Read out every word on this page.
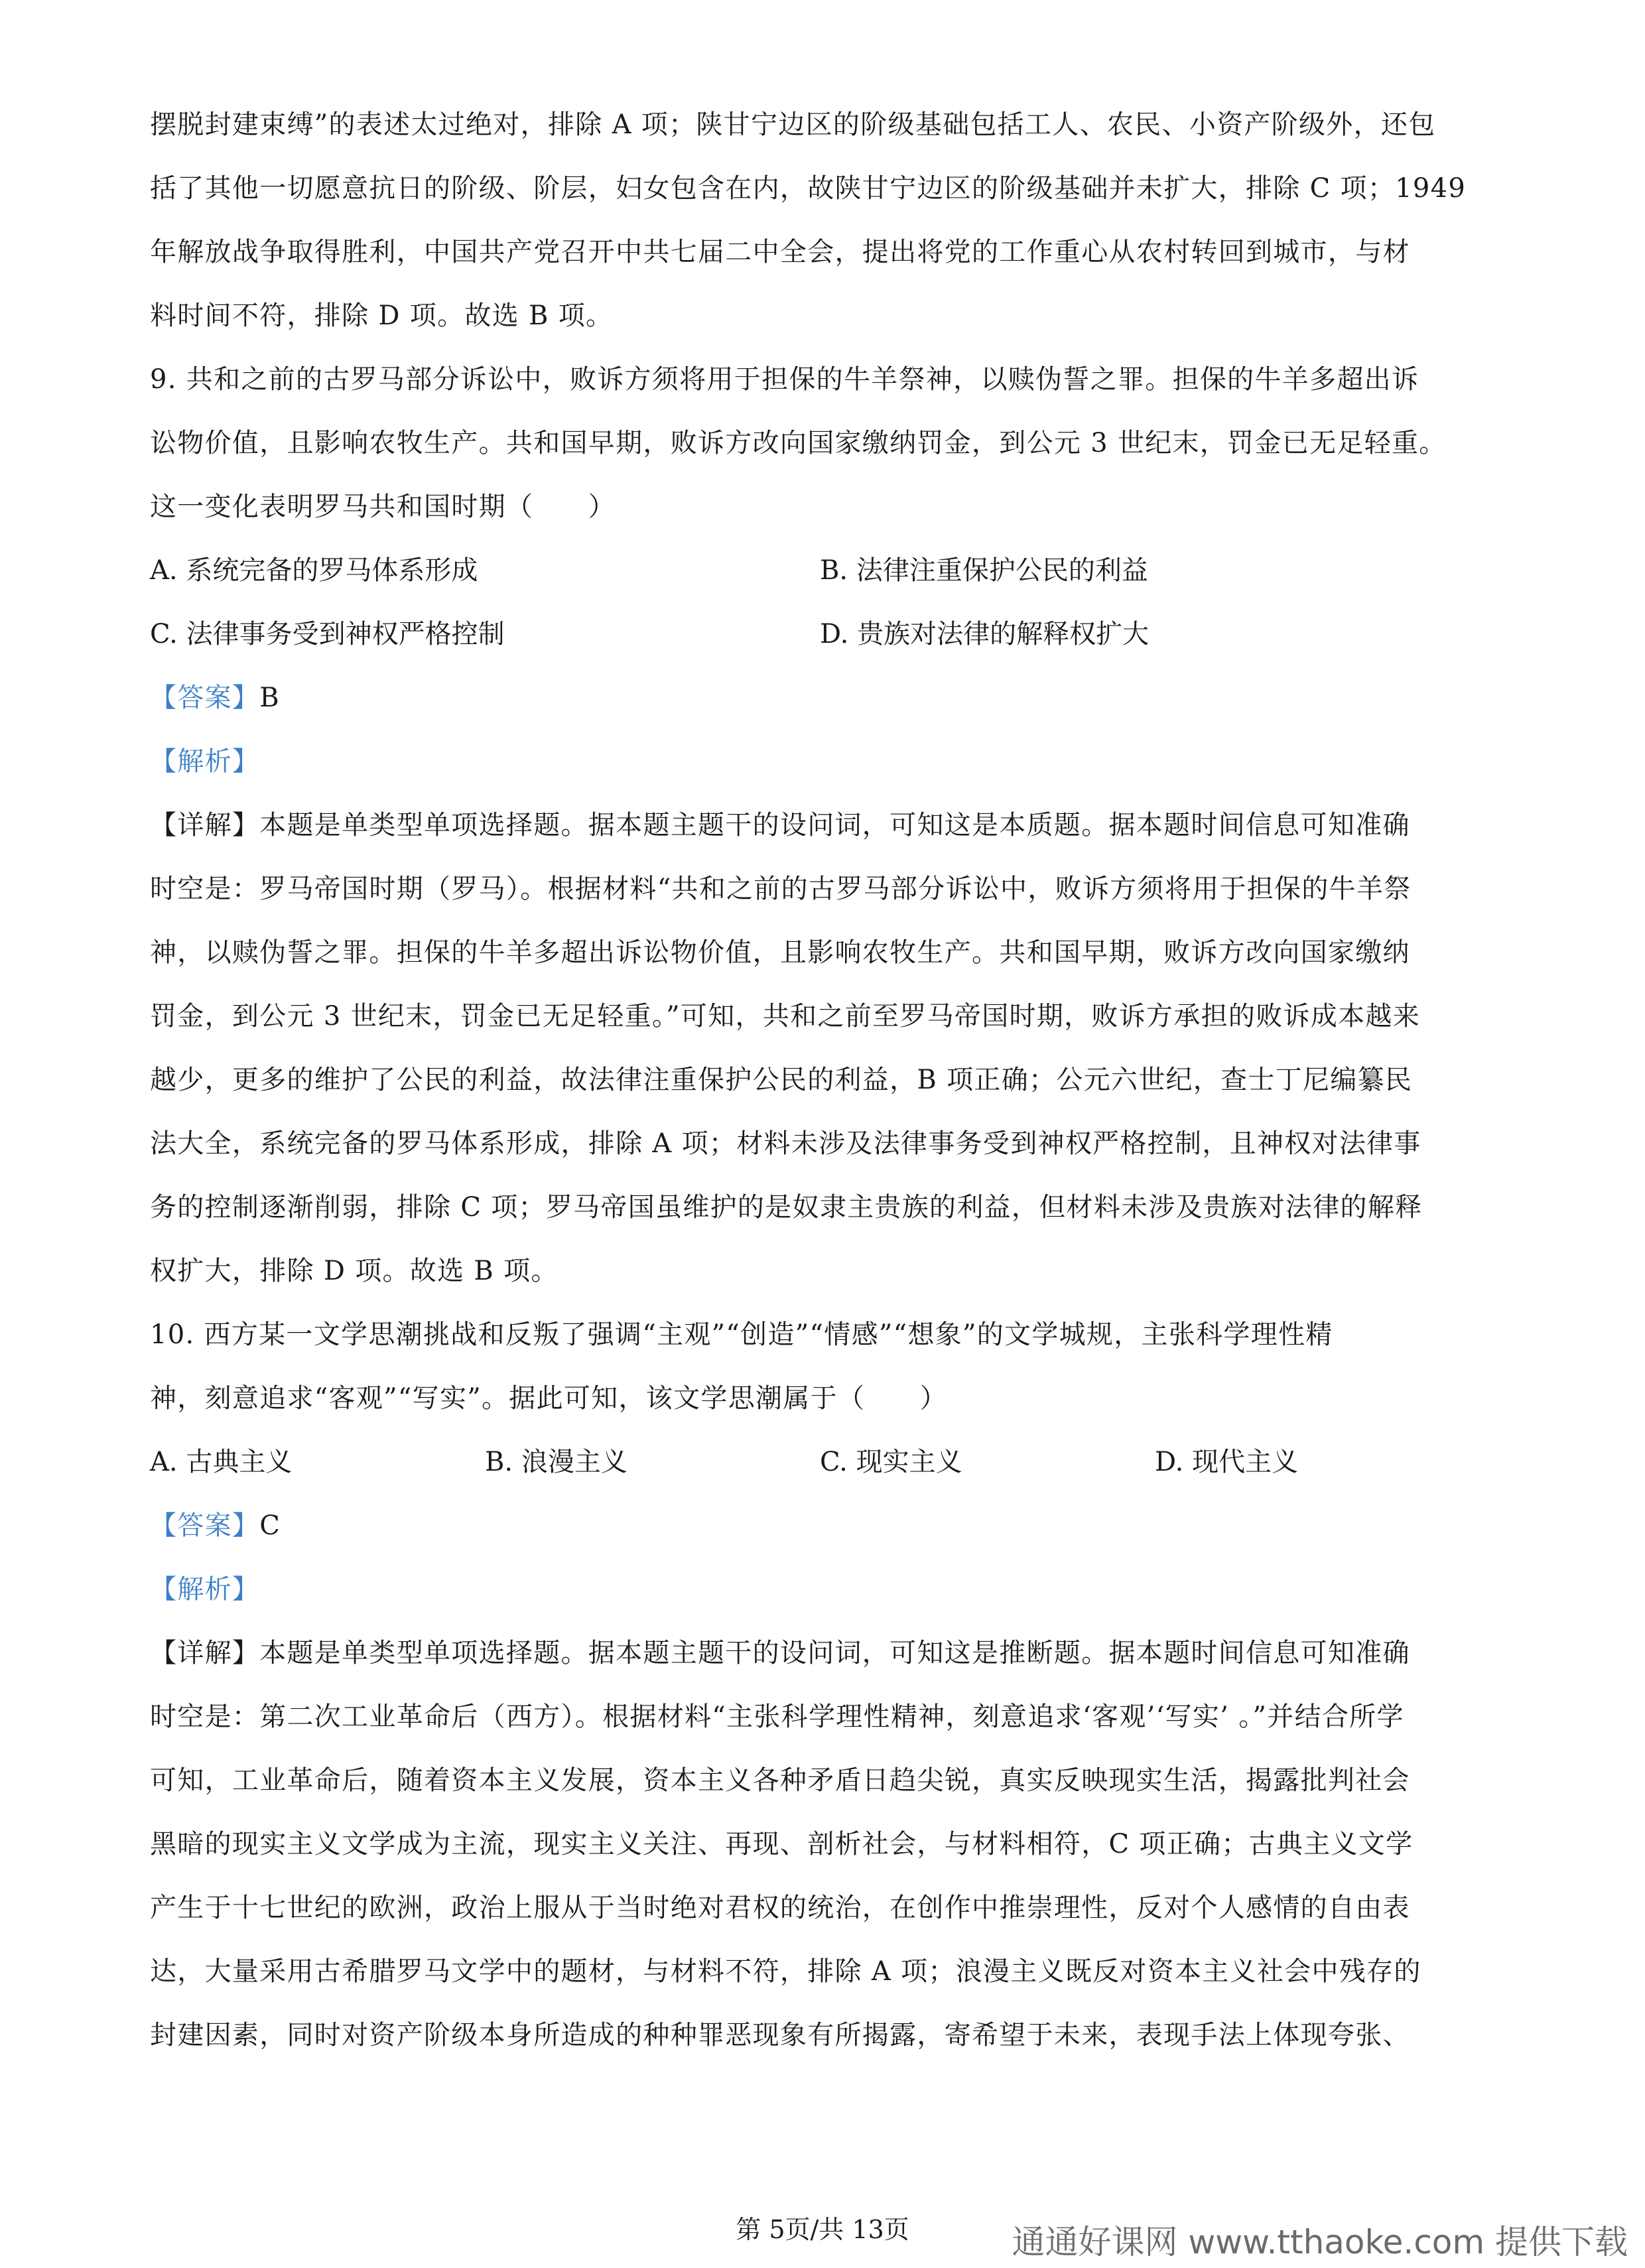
摆脱封建束缚”的表述太过绝对，排除 A 项；陕甘宁边区的阶级基础包括工人、农民、小资产阶级外，还包
括了其他一切愿意抗日的阶级、阶层，妇女包含在内，故陕甘宁边区的阶级基础并未扩大，排除 C 项；1949
年解放战争取得胜利，中国共产党召开中共七届二中全会，提出将党的工作重心从农村转回到城市，与材
料时间不符，排除 D 项。故选 B 项。
9. 共和之前的古罗马部分诉讼中，败诉方须将用于担保的牛羊祭神，以赎伪誓之罪。担保的牛羊多超出诉
讼物价值，且影响农牧生产。共和国早期，败诉方改向国家缴纳罚金，到公元 3 世纪末，罚金已无足轻重。
这一变化表明罗马共和国时期（　　）
A. 系统完备的罗马体系形成	B. 法律注重保护公民的利益
C. 法律事务受到神权严格控制	D. 贵族对法律的解释权扩大
【答案】B
【解析】
【详解】本题是单类型单项选择题。据本题主题干的设问词，可知这是本质题。据本题时间信息可知准确
时空是：罗马帝国时期（罗马）。根据材料“共和之前的古罗马部分诉讼中，败诉方须将用于担保的牛羊祭
神，以赎伪誓之罪。担保的牛羊多超出诉讼物价值，且影响农牧生产。共和国早期，败诉方改向国家缴纳
罚金，到公元 3 世纪末，罚金已无足轻重。”可知，共和之前至罗马帝国时期，败诉方承担的败诉成本越来
越少，更多的维护了公民的利益，故法律注重保护公民的利益，B 项正确；公元六世纪，查士丁尼编纂民
法大全，系统完备的罗马体系形成，排除 A 项；材料未涉及法律事务受到神权严格控制，且神权对法律事
务的控制逐渐削弱，排除 C 项；罗马帝国虽维护的是奴隶主贵族的利益，但材料未涉及贵族对法律的解释
权扩大，排除 D 项。故选 B 项。
10. 西方某一文学思潮挑战和反叛了强调“主观”“创造”“情感”“想象”的文学城规，主张科学理性精
神，刻意追求“客观”“写实”。据此可知，该文学思潮属于（　　）
A. 古典主义	B. 浪漫主义	C. 现实主义	D. 现代主义
【答案】C
【解析】
【详解】本题是单类型单项选择题。据本题主题干的设问词，可知这是推断题。据本题时间信息可知准确
时空是：第二次工业革命后（西方）。根据材料“主张科学理性精神，刻意追求‘客观’‘写实’ 。”并结合所学
可知，工业革命后，随着资本主义发展，资本主义各种矛盾日趋尖锐，真实反映现实生活，揭露批判社会
黑暗的现实主义文学成为主流，现实主义关注、再现、剖析社会，与材料相符，C 项正确；古典主义文学
产生于十七世纪的欧洲，政治上服从于当时绝对君权的统治，在创作中推崇理性，反对个人感情的自由表
达，大量采用古希腊罗马文学中的题材，与材料不符，排除 A 项；浪漫主义既反对资本主义社会中残存的
封建因素，同时对资产阶级本身所造成的种种罪恶现象有所揭露，寄希望于未来，表现手法上体现夸张、
第 5页/共 13页	通通好课网 www.tthaoke.com 提供下载
